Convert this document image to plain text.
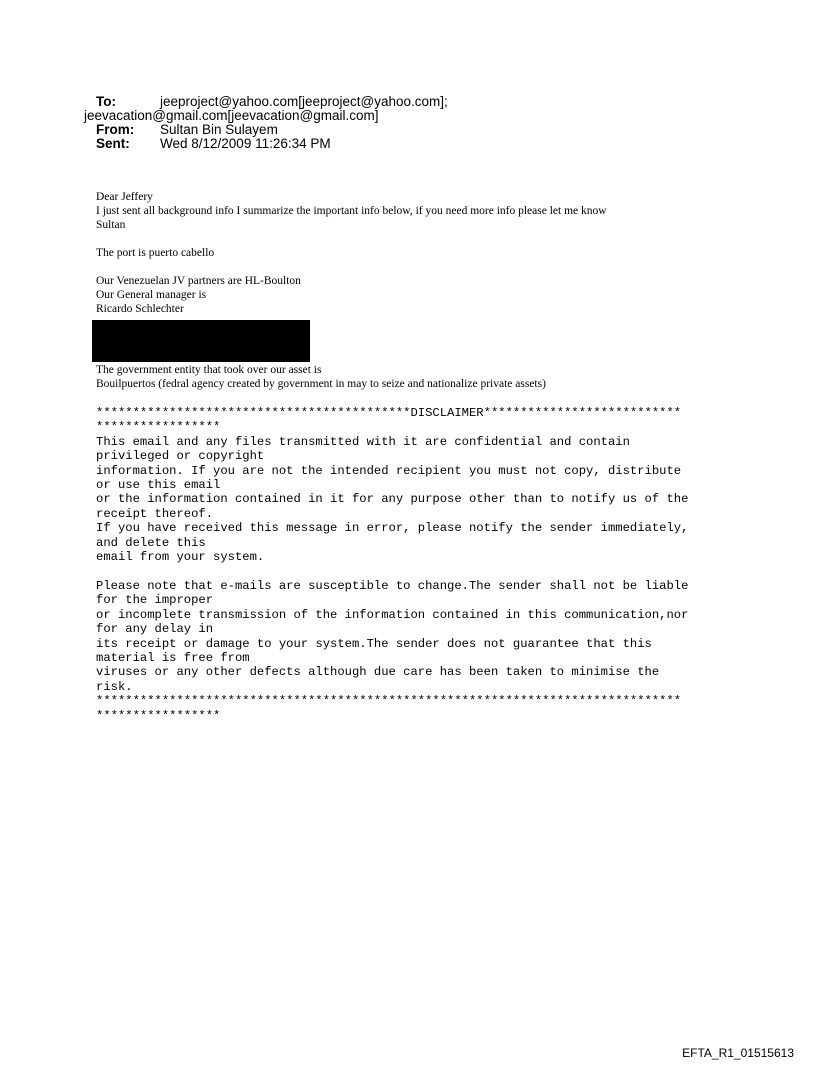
To:	jeeproject@yahoo.com[jeeproject@yahoo.com];
jeevacation@gmail.com[jeevacation@gmail.com]
From: Sultan Bin Sulayem
Sent: Wed 8/12/2009 11:26:34 PM
Dear Jeffery
I just sent all background info I summarize the important info below, if you need more info please let me know
Sultan
The port is puerto cabello
Our Venezuelan JV partners are HL-Boulton
Our General manager is
Ricardo Schlechter
The government entity that took over our asset is
Bouilpuertos (fedral agency created by government in may to seize and nationalize private assets)
*******************************************DISCLAIMER***************************
*****************
This email and any files transmitted with it are confidential and contain
privileged or copyright
information. If you are not the intended recipient you must not copy, distribute
or use this email
or the information contained in it for any purpose other than to notify us of the
receipt thereof.
If you have received this message in error, please notify the sender immediately,
and delete this
email from your system.

Please note that e-mails are susceptible to change.The sender shall not be liable
for the improper
or incomplete transmission of the information contained in this communication,nor
for any delay in
its receipt or damage to your system.The sender does not guarantee that this
material is free from
viruses or any other defects although due care has been taken to minimise the
risk.
********************************************************************************
*****************

EFTA_R1_01515613
